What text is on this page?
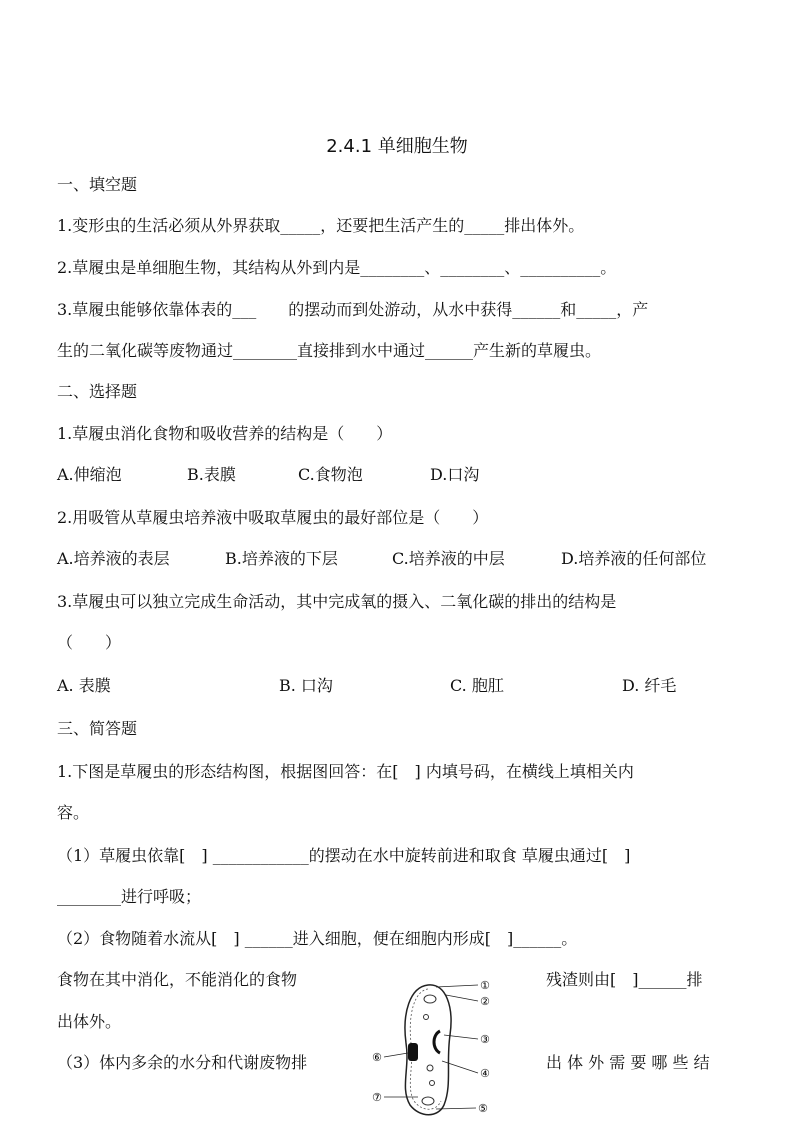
2.4.1 单细胞生物
一、填空题
1.变形虫的生活必须从外界获取_____，还要把生活产生的_____排出体外。
2.草履虫是单细胞生物，其结构从外到内是________、________、__________。
3.草履虫能够依靠体表的___　　的摆动而到处游动，从水中获得______和_____，产
生的二氧化碳等废物通过________直接排到水中通过______产生新的草履虫。
二、选择题
1.草履虫消化食物和吸收营养的结构是（　　）
A.伸缩泡	B.表膜	C.食物泡	D.口沟
2.用吸管从草履虫培养液中吸取草履虫的最好部位是（　　）
A.培养液的表层	B.培养液的下层	C.培养液的中层	D.培养液的任何部位
3.草履虫可以独立完成生命活动，其中完成氧的摄入、二氧化碳的排出的结构是
（　　）
A. 表膜	B. 口沟	C. 胞肛	D. 纤毛
三、简答题
1.下图是草履虫的形态结构图，根据图回答：在[　] 内填号码，在横线上填相关内
容。
（1）草履虫依靠[　] ____________的摆动在水中旋转前进和取食 草履虫通过[　]
________进行呼吸；
（2）食物随着水流从[　] ______进入细胞，便在细胞内形成[　]______。
食物在其中消化，不能消化的食物	残渣则由[　]______排
出体外。
（3）体内多余的水分和代谢废物排	出 体 外 需 要 哪 些 结
①
②
③
④
⑤
⑥
⑦
